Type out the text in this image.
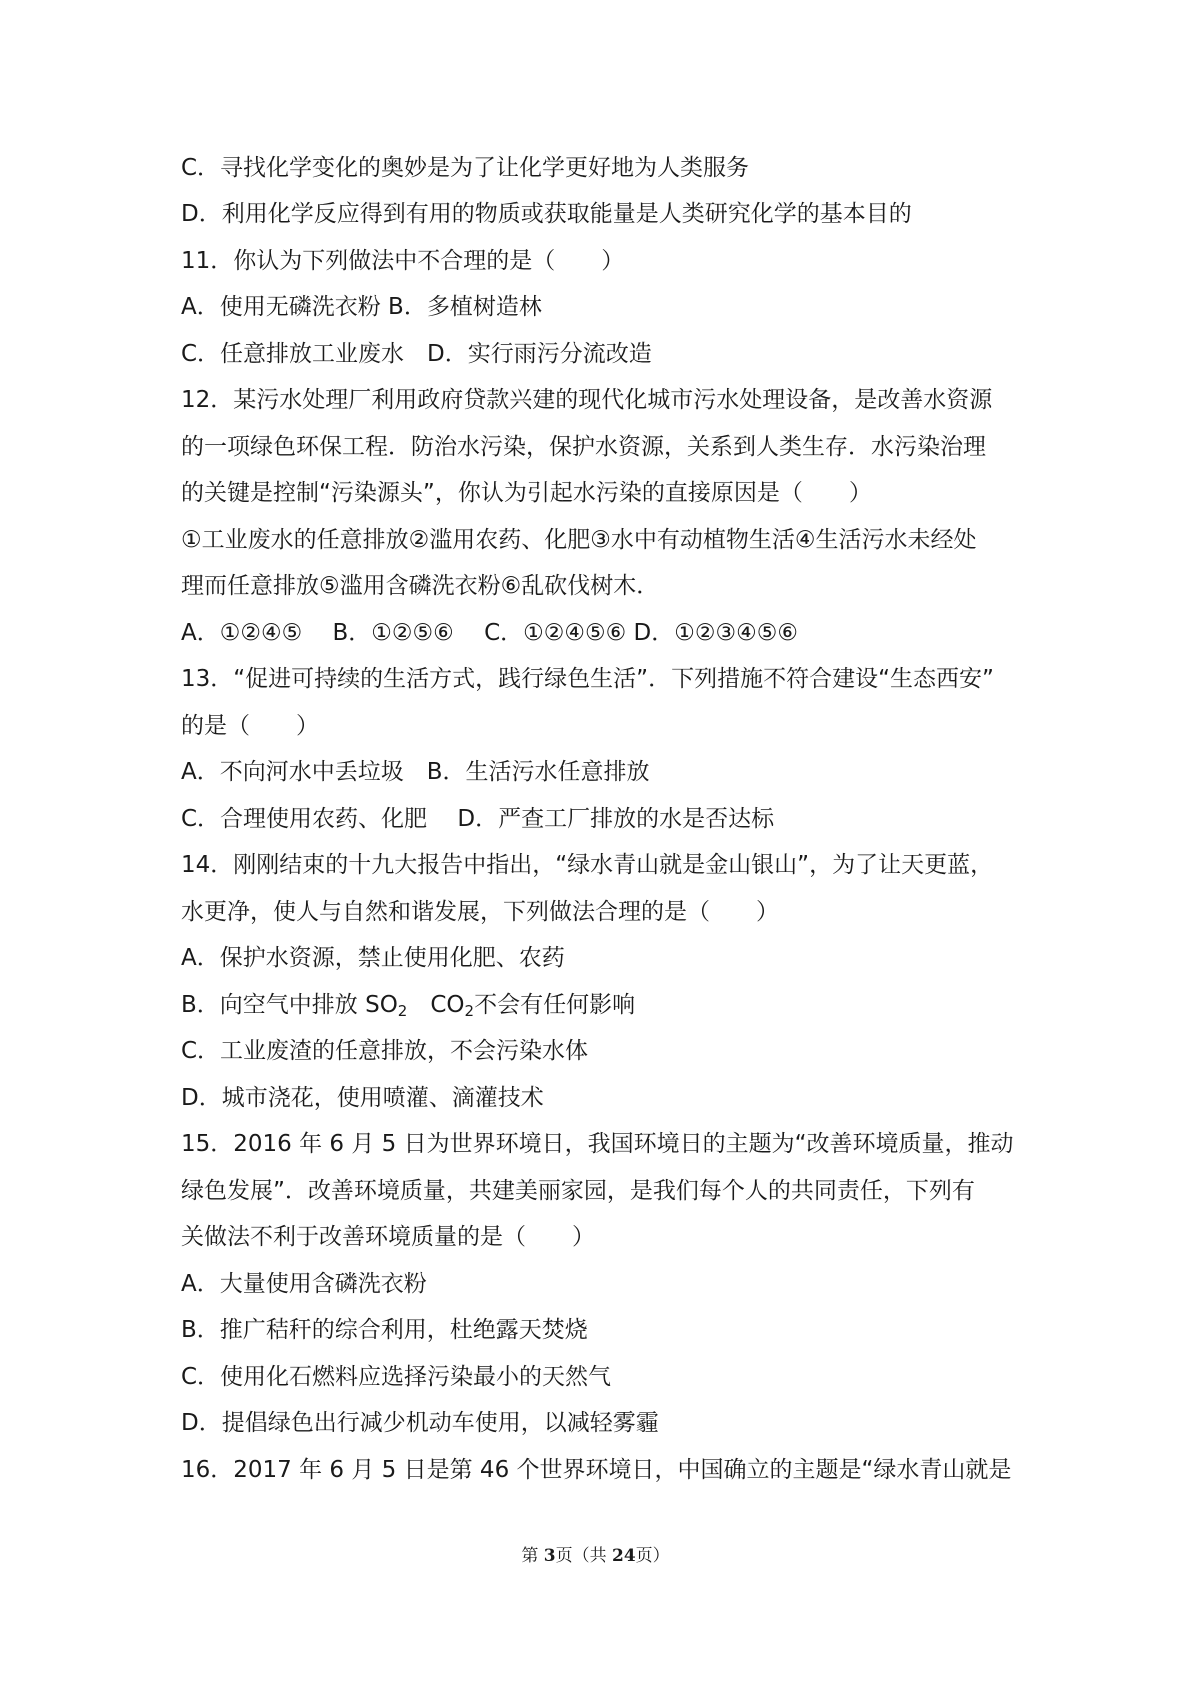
C．寻找化学变化的奥妙是为了让化学更好地为人类服务
D．利用化学反应得到有用的物质或获取能量是人类研究化学的基本目的
11．你认为下列做法中不合理的是（　　）
A．使用无磷洗衣粉 B．多植树造林
C．任意排放工业废水　D．实行雨污分流改造
12．某污水处理厂利用政府贷款兴建的现代化城市污水处理设备，是改善水资源
的一项绿色环保工程．防治水污染，保护水资源，关系到人类生存．水污染治理
的关键是控制“污染源头”，你认为引起水污染的直接原因是（　　）
①工业废水的任意排放②滥用农药、化肥③水中有动植物生活④生活污水未经处
理而任意排放⑤滥用含磷洗衣粉⑥乱砍伐树木．
A．①②④⑤　 B．①②⑤⑥　 C．①②④⑤⑥ D．①②③④⑤⑥
13．“促进可持续的生活方式，践行绿色生活”．下列措施不符合建设“生态西安”
的是（　　）
A．不向河水中丢垃圾　B．生活污水任意排放
C．合理使用农药、化肥　 D．严查工厂排放的水是否达标
14．刚刚结束的十九大报告中指出，“绿水青山就是金山银山”，为了让天更蓝，
水更净，使人与自然和谐发展，下列做法合理的是（　　）
A．保护水资源，禁止使用化肥、农药
B．向空气中排放 $SO_2$　$CO_2$不会有任何影响
C．工业废渣的任意排放，不会污染水体
D．城市浇花，使用喷灌、滴灌技术
15．2016 年 6 月 5 日为世界环境日，我国环境日的主题为“改善环境质量，推动
绿色发展”．改善环境质量，共建美丽家园，是我们每个人的共同责任，下列有
关做法不利于改善环境质量的是（　　）
A．大量使用含磷洗衣粉
B．推广秸秆的综合利用，杜绝露天焚烧
C．使用化石燃料应选择污染最小的天然气
D．提倡绿色出行减少机动车使用，以减轻雾霾
16．2017 年 6 月 5 日是第 46 个世界环境日，中国确立的主题是“绿水青山就是
第 3页（共 24页）
